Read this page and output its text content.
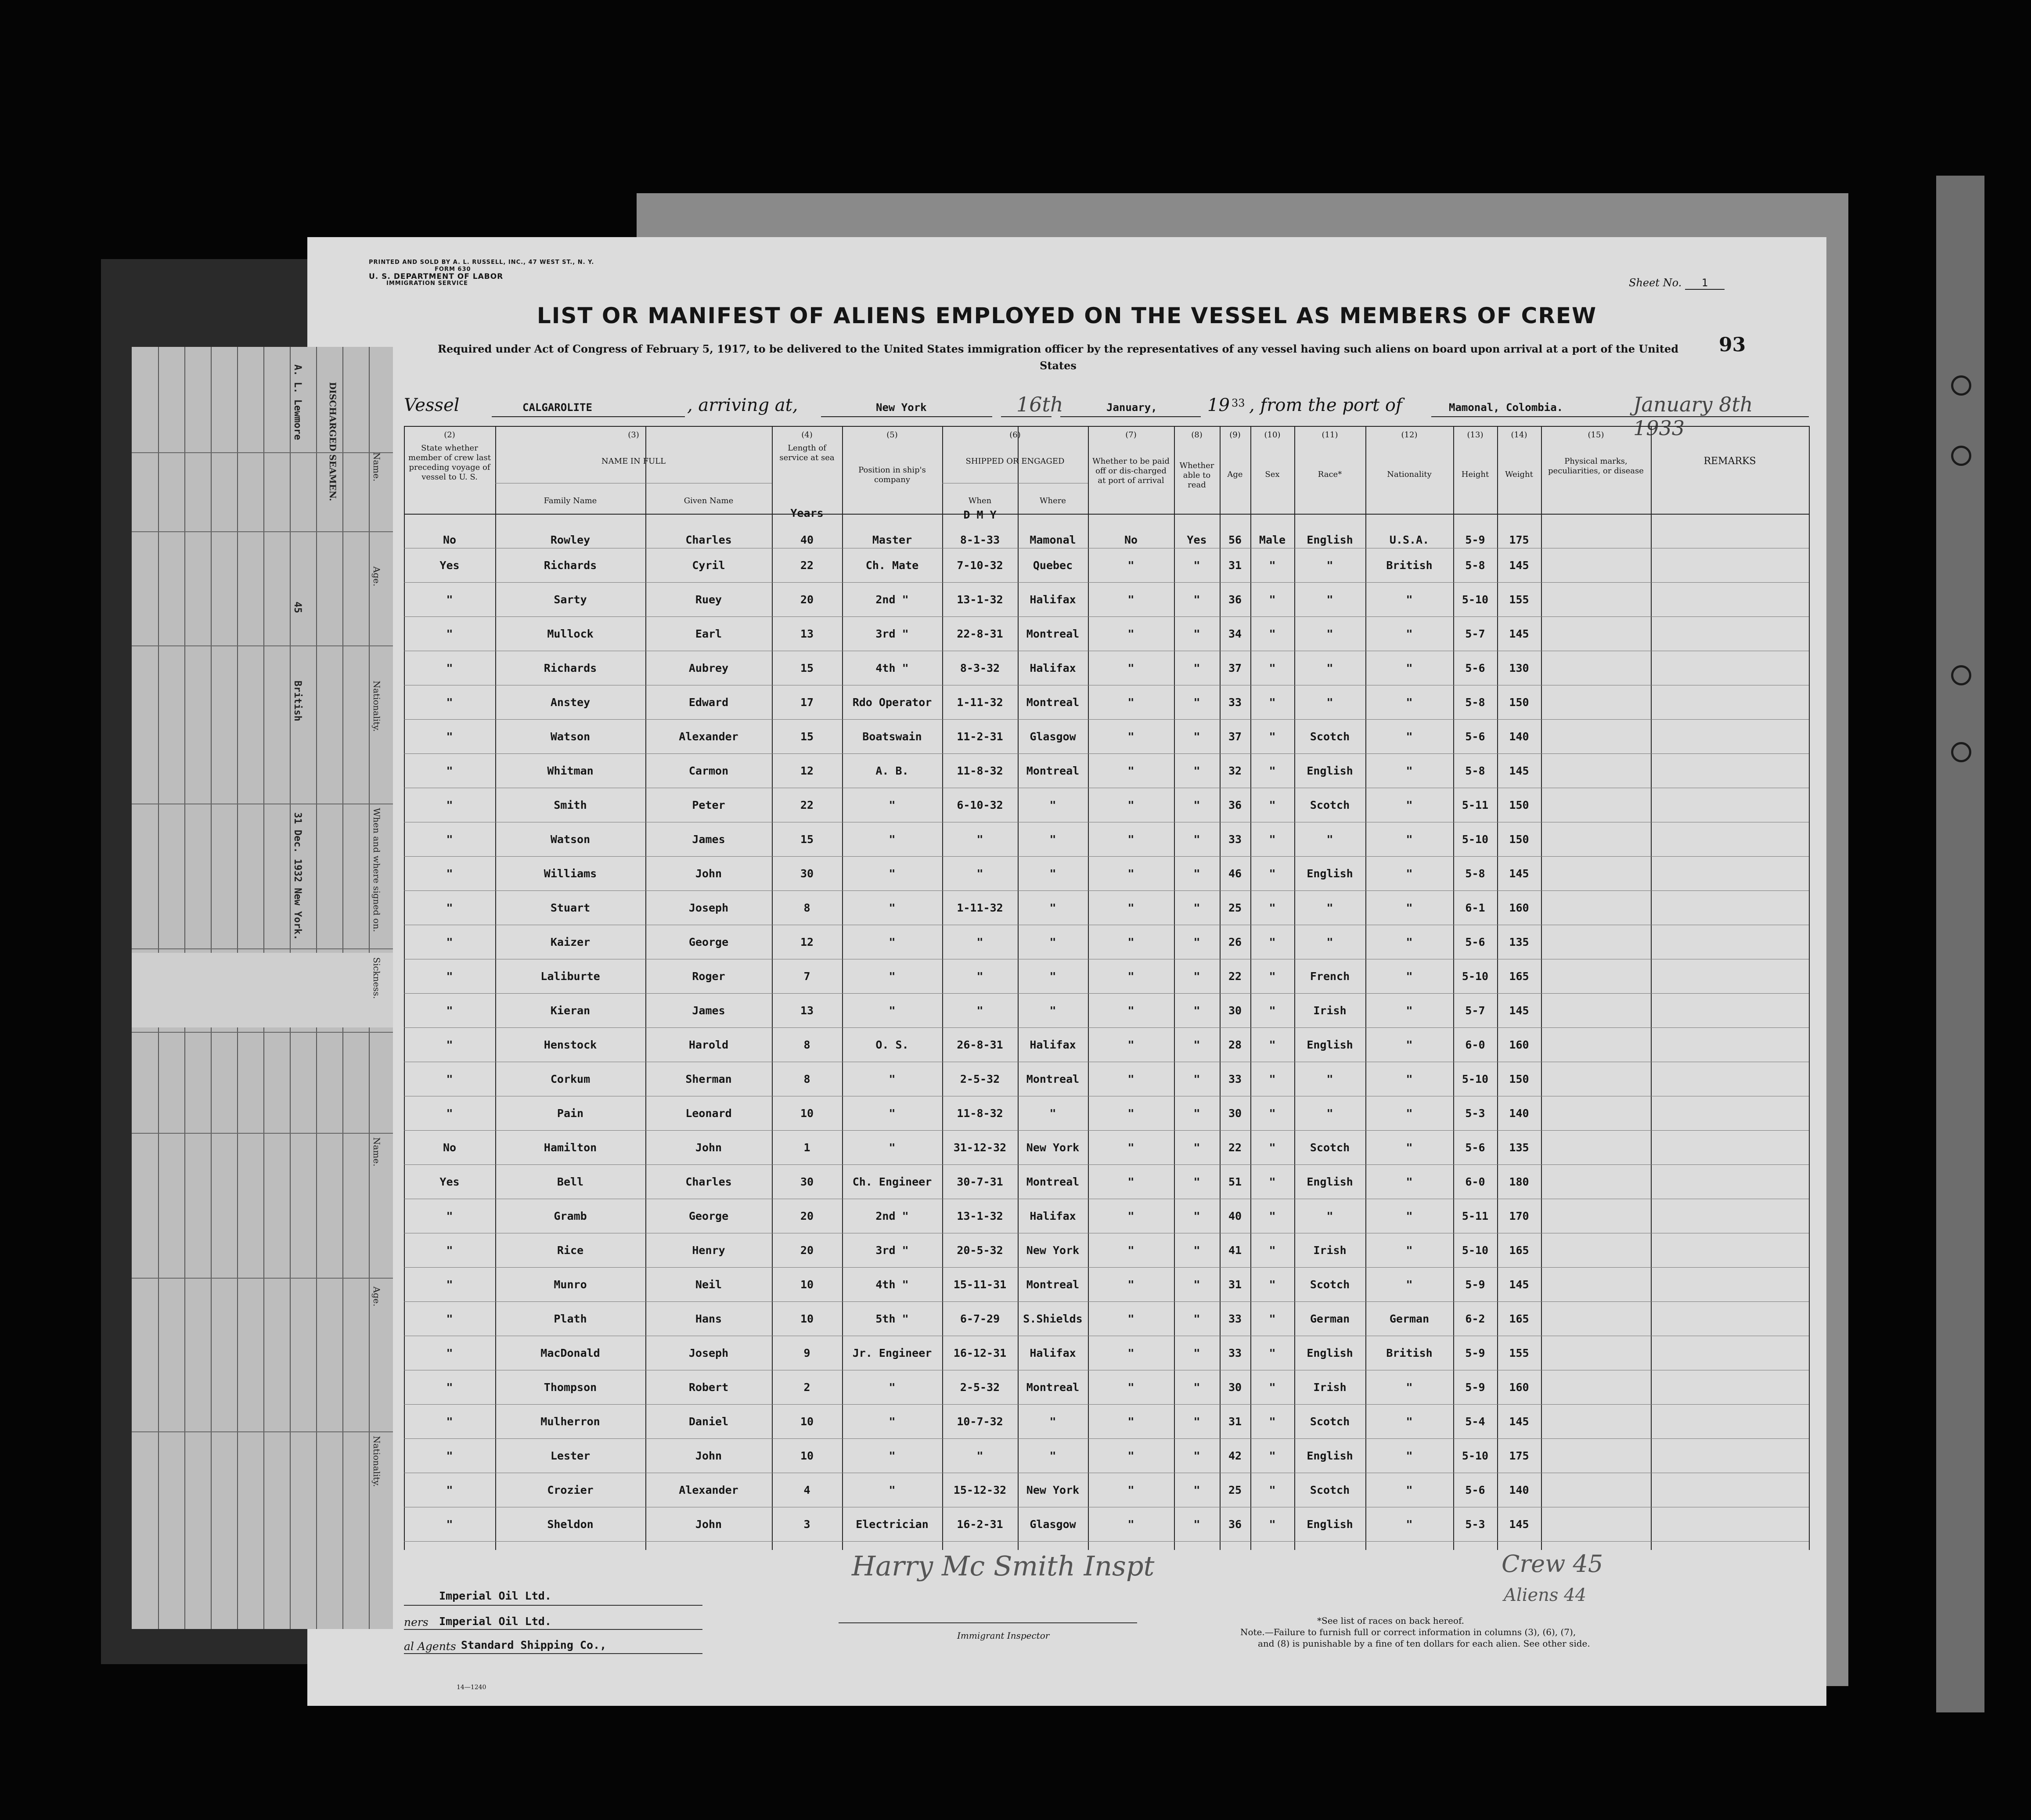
PRINTED AND SOLD BY A. L. RUSSELL, INC., 47 WEST ST., N. Y.
FORM 630
U. S. DEPARTMENT OF LABOR
IMMIGRATION SERVICE	Sheet No. 1
LIST OR MANIFEST OF ALIENS EMPLOYED ON THE VESSEL AS MEMBERS OF CREW
Required under Act of Congress of February 5, 1917, to be delivered to the United States immigration officer by the representatives of any vessel having such aliens on board upon arrival at a port of the United States
93
Vessel	CALGAROLITE	, arriving at,	New York	16th	January,	19 33 , from the port of	Mamonal, Colombia.	January 8th 1933
(2)
State whether member of crew last preceding voyage of vessel to U. S.
(3)
NAME IN FULL
Family Name	Given Name
(4)
Length of service at sea
Years
(5)
Position in ship's company
(6)
SHIPPED OR ENGAGED
When	Where
D M Y
(7)
Whether to be paid off or dis-charged at port of arrival
(8)
Whether able to read
(9)
Age
(10)
Sex
(11)
Race*
(12)
Nationality
(13)
Height
(14)
Weight
(15)
Physical marks, peculiarities, or disease
REMARKS
No	Rowley	Charles	40	Master	8-1-33	Mamonal	No	Yes	56	Male	English	U.S.A.	5-9	175
Yes	Richards	Cyril	22	Ch. Mate	7-10-32	Quebec	"	"	31	"	"	British	5-8	145
"	Sarty	Ruey	20	2nd "	13-1-32	Halifax	"	"	36	"	"	"	5-10	155
"	Mullock	Earl	13	3rd "	22-8-31	Montreal	"	"	34	"	"	"	5-7	145
"	Richards	Aubrey	15	4th "	8-3-32	Halifax	"	"	37	"	"	"	5-6	130
"	Anstey	Edward	17	Rdo Operator	1-11-32	Montreal	"	"	33	"	"	"	5-8	150
"	Watson	Alexander	15	Boatswain	11-2-31	Glasgow	"	"	37	"	Scotch	"	5-6	140
"	Whitman	Carmon	12	A. B.	11-8-32	Montreal	"	"	32	"	English	"	5-8	145
"	Smith	Peter	22	"	6-10-32	"	"	"	36	"	Scotch	"	5-11	150
"	Watson	James	15	"	"	"	"	"	33	"	"	"	5-10	150
"	Williams	John	30	"	"	"	"	"	46	"	English	"	5-8	145
"	Stuart	Joseph	8	"	1-11-32	"	"	"	25	"	"	"	6-1	160
"	Kaizer	George	12	"	"	"	"	"	26	"	"	"	5-6	135
"	Laliburte	Roger	7	"	"	"	"	"	22	"	French	"	5-10	165
"	Kieran	James	13	"	"	"	"	"	30	"	Irish	"	5-7	145
"	Henstock	Harold	8	O. S.	26-8-31	Halifax	"	"	28	"	English	"	6-0	160
"	Corkum	Sherman	8	"	2-5-32	Montreal	"	"	33	"	"	"	5-10	150
"	Pain	Leonard	10	"	11-8-32	"	"	"	30	"	"	"	5-3	140
No	Hamilton	John	1	"	31-12-32	New York	"	"	22	"	Scotch	"	5-6	135
Yes	Bell	Charles	30	Ch. Engineer	30-7-31	Montreal	"	"	51	"	English	"	6-0	180
"	Gramb	George	20	2nd "	13-1-32	Halifax	"	"	40	"	"	"	5-11	170
"	Rice	Henry	20	3rd "	20-5-32	New York	"	"	41	"	Irish	"	5-10	165
"	Munro	Neil	10	4th "	15-11-31	Montreal	"	"	31	"	Scotch	"	5-9	145
"	Plath	Hans	10	5th "	6-7-29	S.Shields	"	"	33	"	German	German	6-2	165
"	MacDonald	Joseph	9	Jr. Engineer	16-12-31	Halifax	"	"	33	"	English	British	5-9	155
"	Thompson	Robert	2	"	2-5-32	Montreal	"	"	30	"	Irish	"	5-9	160
"	Mulherron	Daniel	10	"	10-7-32	"	"	"	31	"	Scotch	"	5-4	145
"	Lester	John	10	"	"	"	"	"	42	"	English	"	5-10	175
"	Crozier	Alexander	4	"	15-12-32	New York	"	"	25	"	Scotch	"	5-6	140
"	Sheldon	John	3	Electrician	16-2-31	Glasgow	"	"	36	"	English	"	5-3	145
Imperial Oil Ltd.
ners Imperial Oil Ltd.
al Agents Standard Shipping Co.,
14—1240
Harry Mc Smith Inspt
Immigrant Inspector
Crew 45
Aliens 44
*See list of races on back hereof.
Note.—Failure to furnish full or correct information in columns (3), (6), (7),
and (8) is punishable by a fine of ten dollars for each alien. See other side.
Name.
Age.
Nationality.
When and where signed on.
Sickness.
Name.
Age.
Nationality.
DISCHARGED SEAMEN.
A. L. Lewmore
45
British
31 Dec. 1932 New York.
